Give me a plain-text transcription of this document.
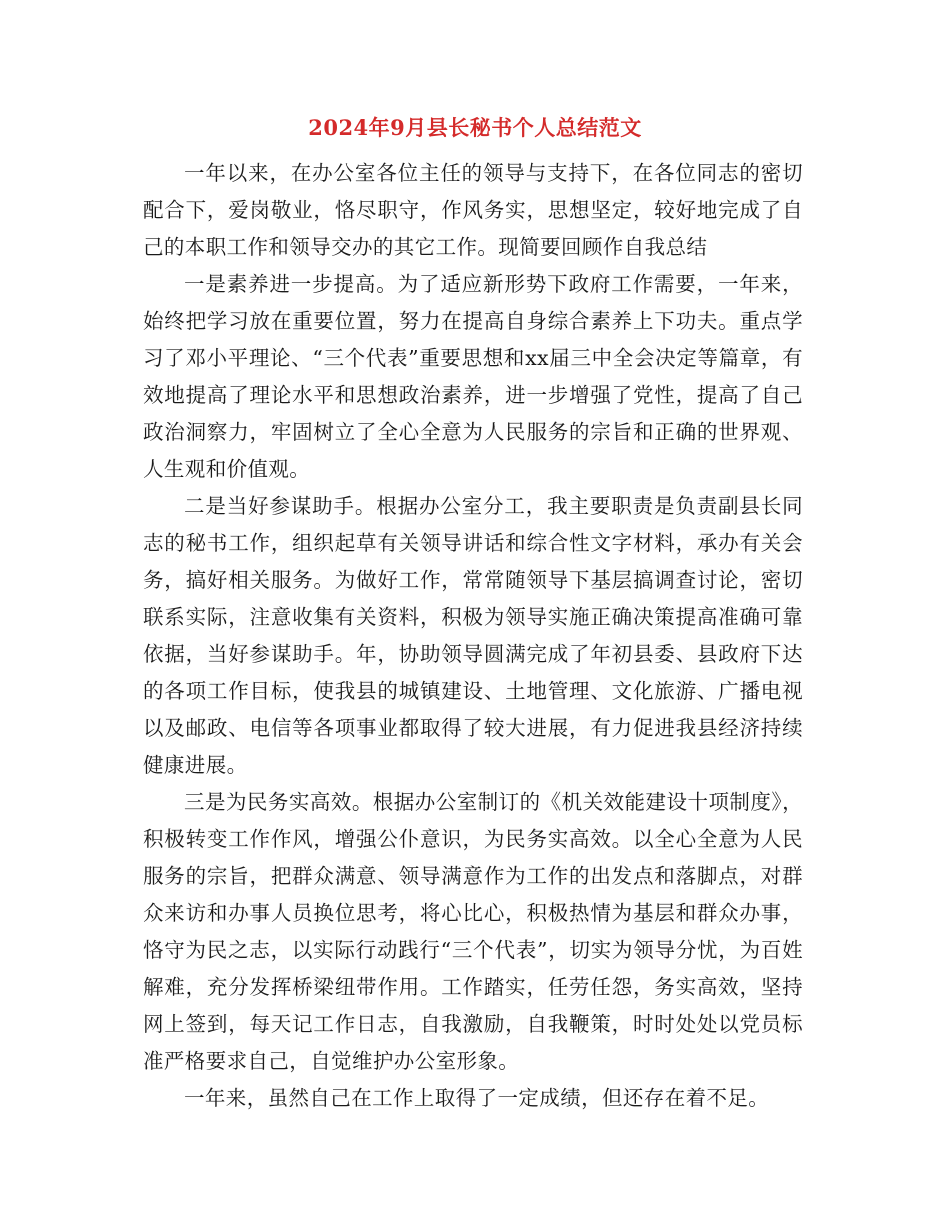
2024年9月县长秘书个人总结范文

一年以来，在办公室各位主任的领导与支持下，在各位同志的密切配合下，爱岗敬业，恪尽职守，作风务实，思想坚定，较好地完成了自己的本职工作和领导交办的其它工作。现简要回顾作自我总结

一是素养进一步提高。为了适应新形势下政府工作需要，一年来，始终把学习放在重要位置，努力在提高自身综合素养上下功夫。重点学习了邓小平理论、“三个代表”重要思想和xx届三中全会决定等篇章，有效地提高了理论水平和思想政治素养，进一步增强了党性，提高了自己政治洞察力，牢固树立了全心全意为人民服务的宗旨和正确的世界观、人生观和价值观。

二是当好参谋助手。根据办公室分工，我主要职责是负责副县长同志的秘书工作，组织起草有关领导讲话和综合性文字材料，承办有关会务，搞好相关服务。为做好工作，常常随领导下基层搞调查讨论，密切联系实际，注意收集有关资料，积极为领导实施正确决策提高准确可靠依据，当好参谋助手。年，协助领导圆满完成了年初县委、县政府下达的各项工作目标，使我县的城镇建设、土地管理、文化旅游、广播电视以及邮政、电信等各项事业都取得了较大进展，有力促进我县经济持续健康进展。

三是为民务实高效。根据办公室制订的《机关效能建设十项制度》，积极转变工作作风，增强公仆意识，为民务实高效。以全心全意为人民服务的宗旨，把群众满意、领导满意作为工作的出发点和落脚点，对群众来访和办事人员换位思考，将心比心，积极热情为基层和群众办事，恪守为民之志，以实际行动践行“三个代表”，切实为领导分忧，为百姓解难，充分发挥桥梁纽带作用。工作踏实，任劳任怨，务实高效，坚持网上签到，每天记工作日志，自我激励，自我鞭策，时时处处以党员标准严格要求自己，自觉维护办公室形象。

一年来，虽然自己在工作上取得了一定成绩，但还存在着不足。
